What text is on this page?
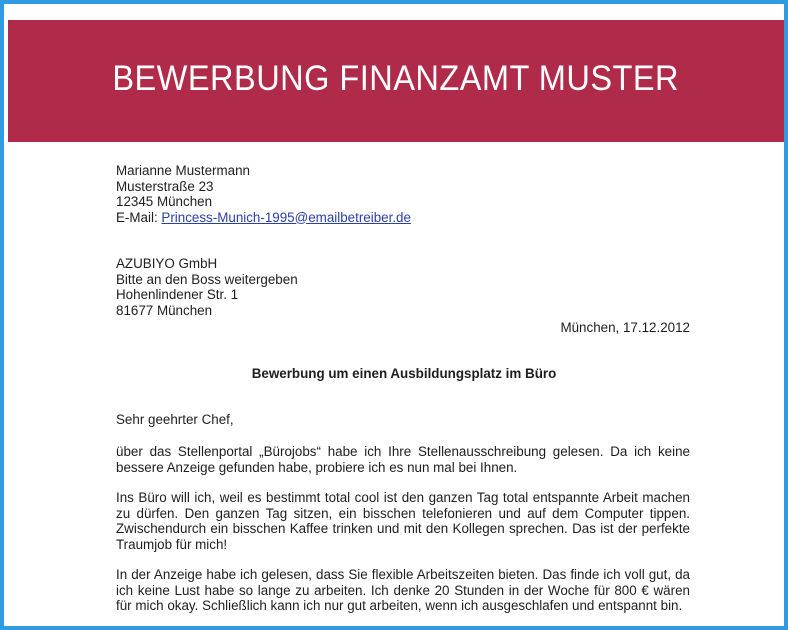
BEWERBUNG FINANZAMT MUSTER
Marianne Mustermann
Musterstraße 23
12345 München
E-Mail: Princess-Munich-1995@emailbetreiber.de
AZUBIYO GmbH
Bitte an den Boss weitergeben
Hohenlindener Str. 1
81677 München
München, 17.12.2012
Bewerbung um einen Ausbildungsplatz im Büro
Sehr geehrter Chef,
über das Stellenportal „Bürojobs“ habe ich Ihre Stellenausschreibung gelesen. Da ich keine bessere Anzeige gefunden habe, probiere ich es nun mal bei Ihnen.
Ins Büro will ich, weil es bestimmt total cool ist den ganzen Tag total entspannte Arbeit machen zu dürfen. Den ganzen Tag sitzen, ein bisschen telefonieren und auf dem Computer tippen. Zwischendurch ein bisschen Kaffee trinken und mit den Kollegen sprechen. Das ist der perfekte Traumjob für mich!
In der Anzeige habe ich gelesen, dass Sie flexible Arbeitszeiten bieten. Das finde ich voll gut, da ich keine Lust habe so lange zu arbeiten. Ich denke 20 Stunden in der Woche für 800 € wären für mich okay. Schließlich kann ich nur gut arbeiten, wenn ich ausgeschlafen und entspannt bin.
